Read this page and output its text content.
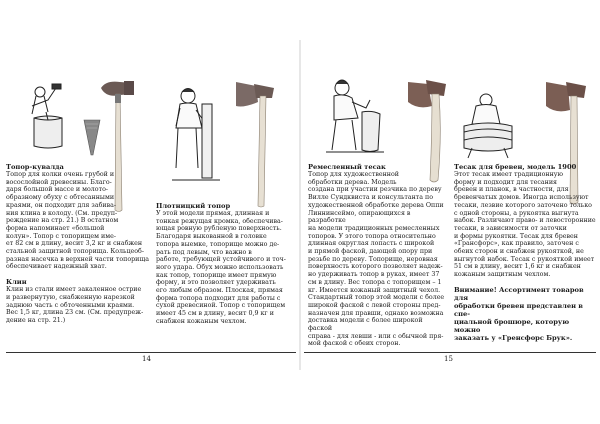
Топор-кувалда

Топор для колки очень грубой и

восослойной древесины. Благо-

даря большой массе и молото-

образному обуху с обтесанными

краями, он подходит для забива-

ния клина в колоду. (См. предуп-

реждение на стр. 21.) В остатном

форма напоминает «большой

колун». Топор с топорищем име-

ет 82 см в длину, весит 3,2 кг и снабжен

стальной защитной топорища. Кольцеоб-

разная насечка в верхней части топорища

обеспечивает надежный хват.

Клин

Клин из стали имеет закаленное острие

и развернутую, снабженную нарезкой

заднюю часть с обточенными краями.

Вес 1,5 кг, длина 23 см. (См. предупреж-

дение на стр. 21.)

Плотницкий топор

У этой модели прямая, длинная и

тонкая режущая кромка, обеспечива-

ющая ровную рубленую поверхность.

Благодаря выкованной в головке

топора выемке, топорище можно де-

рать под левым, что важно в

работе, требующей устойчивого и точ-

ного удара. Обух можно использовать

как топор, топорище имеет прямую

форму, и это позволяет удерживать

его любым образом. Плоская, прямая

форма топора подходит для работы с

сухой древесиной. Топор с топорищем

имеет 45 см в длину, весит 0,9 кг и

снабжен кожаным чехлом.

14

Ремесленный тесак

Топор для художественной

обработки дерева. Модель

создана при участии резчика по дереву

Вилле Сундквиста и консультанта по

художественной обработке дерева Оппи

Линнинсеймо, опирающихся в разработке

на модели традиционных ремесленных

топоров. У этого топора относительно

длинная округлая лопасть с широкой

и прямой фаской, дающей опору при

резьбе по дереву. Топорище, неровная

поверхность которого позволяет надеж-

но удерживать топор в руках, имеет 37

см в длину. Вес топора с топорищем – 1

кг. Имеется кожаный защитный чехол.

Стандартный топор этой модели с более

широкой фаской с левой стороны пред-

назначен для правши, однако возможна

доставка модели с более широкой фаской

справа - для левши - или с обычной пря-

мой фаской с обеих сторон.

Тесак для бревен, модель 1900

Этот тесак имеет традиционную

форму и подходит для тесания

бревен и планок, в частности, для

бревенчатых домов. Иногда используют

тесаки, лезвие которого заточено только

с одной стороны, а рукоятка выгнута

набок. Различают право- и левосторонние

тесаки, в зависимости от заточки

и формы рукоятки. Тесак для бревен

«Грансфорс», как правило, заточен с

обеих сторон и снабжен рукояткой, не

выгнутой набок. Тесак с рукояткой имеет

51 см в длину, весит 1,6 кг и снабжен

кожаным защитным чехлом.

Внимание! Ассортимент товаров для

обработки бревен представлен в спе-

циальной брошюре, которую можно

заказать у «Гренсфорс Брук».

15
